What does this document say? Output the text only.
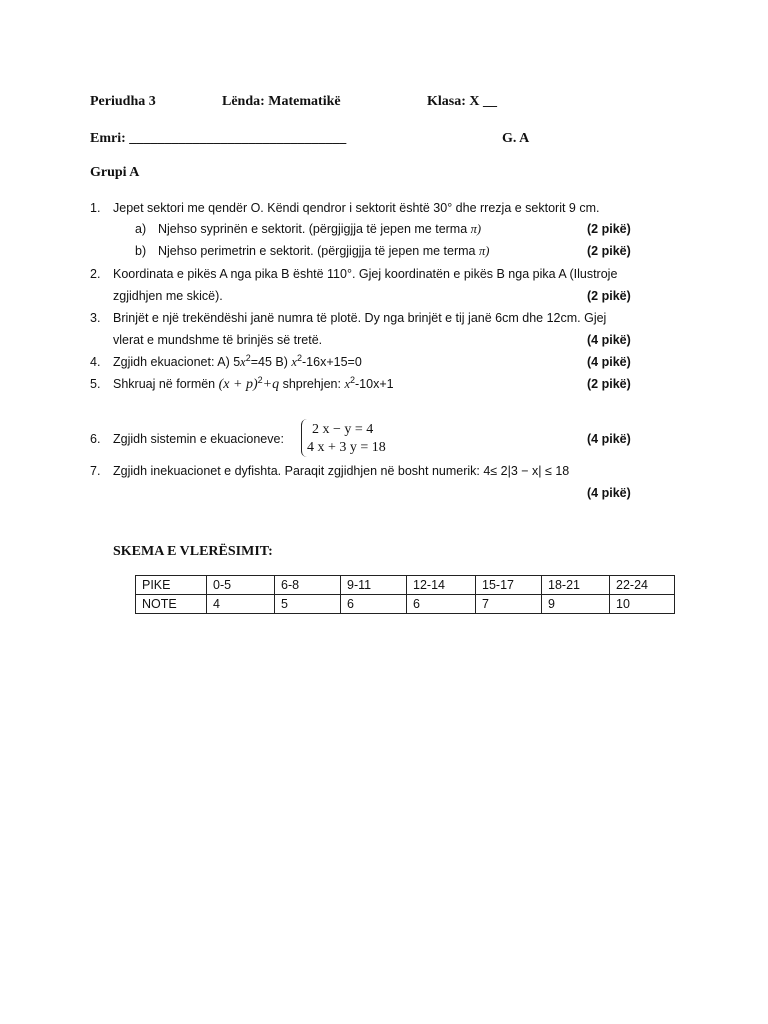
Periudha 3	Lënda: Matematikë	Klasa: X __
Emri: _______________________________	G. A
Grupi A
1. Jepet sektori me qendër O. Këndi qendror i sektorit është 30° dhe rrezja e sektorit 9 cm.
a) Njehso syprinën e sektorit. (përgjigjja të jepen me terma π)	(2 pikë)
b) Njehso perimetrin e sektorit. (përgjigjja të jepen me terma π)	(2 pikë)
2. Koordinata e pikës A nga pika B është 110°. Gjej koordinatën e pikës B nga pika A (Ilustroje
zgjidhjen me skicë).	(2 pikë)
3. Brinjët e një trekëndëshi janë numra të plotë. Dy nga brinjët e tij janë 6cm dhe 12cm. Gjej
vlerat e mundshme të brinjës së tretë.	(4 pikë)
4. Zgjidh ekuacionet: A) $5x^2=45$ B) $x^2-16x+15=0$	(4 pikë)
5. Shkruaj në formën $(x + p)^2+q$ shprehjen: $x^2-10x+1$	(2 pikë)
6. Zgjidh sistemin e ekuacioneve:
2 x − y = 4
4 x + 3 y = 18
(4 pikë)
7. Zgjidh inekuacionet e dyfishta. Paraqit zgjidhjen në bosht numerik: 4≤ 2|3 − x| ≤ 18
(4 pikë)
SKEMA E VLERËSIMIT:
PIKE	0-5	6-8	9-11	12-14	15-17	18-21	22-24
NOTE	4	5	6	6	7	9	10
